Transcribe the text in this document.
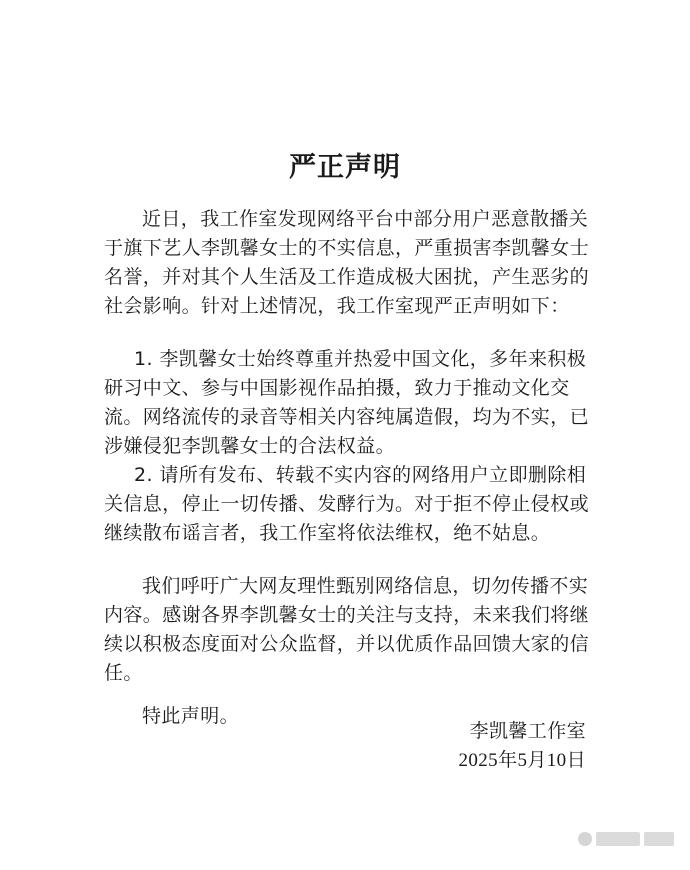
严正声明

近日，我工作室发现网络平台中部分用户恶意散播关于旗下艺人李凯馨女士的不实信息，严重损害李凯馨女士名誉，并对其个人生活及工作造成极大困扰，产生恶劣的社会影响。针对上述情况，我工作室现严正声明如下：

1. 李凯馨女士始终尊重并热爱中国文化，多年来积极研习中文、参与中国影视作品拍摄，致力于推动文化交流。网络流传的录音等相关内容纯属造假，均为不实，已涉嫌侵犯李凯馨女士的合法权益。
2. 请所有发布、转载不实内容的网络用户立即删除相关信息，停止一切传播、发酵行为。对于拒不停止侵权或继续散布谣言者，我工作室将依法维权，绝不姑息。

我们呼吁广大网友理性甄别网络信息，切勿传播不实内容。感谢各界李凯馨女士的关注与支持，未来我们将继续以积极态度面对公众监督，并以优质作品回馈大家的信任。

特此声明。

李凯馨工作室
2025年5月10日
